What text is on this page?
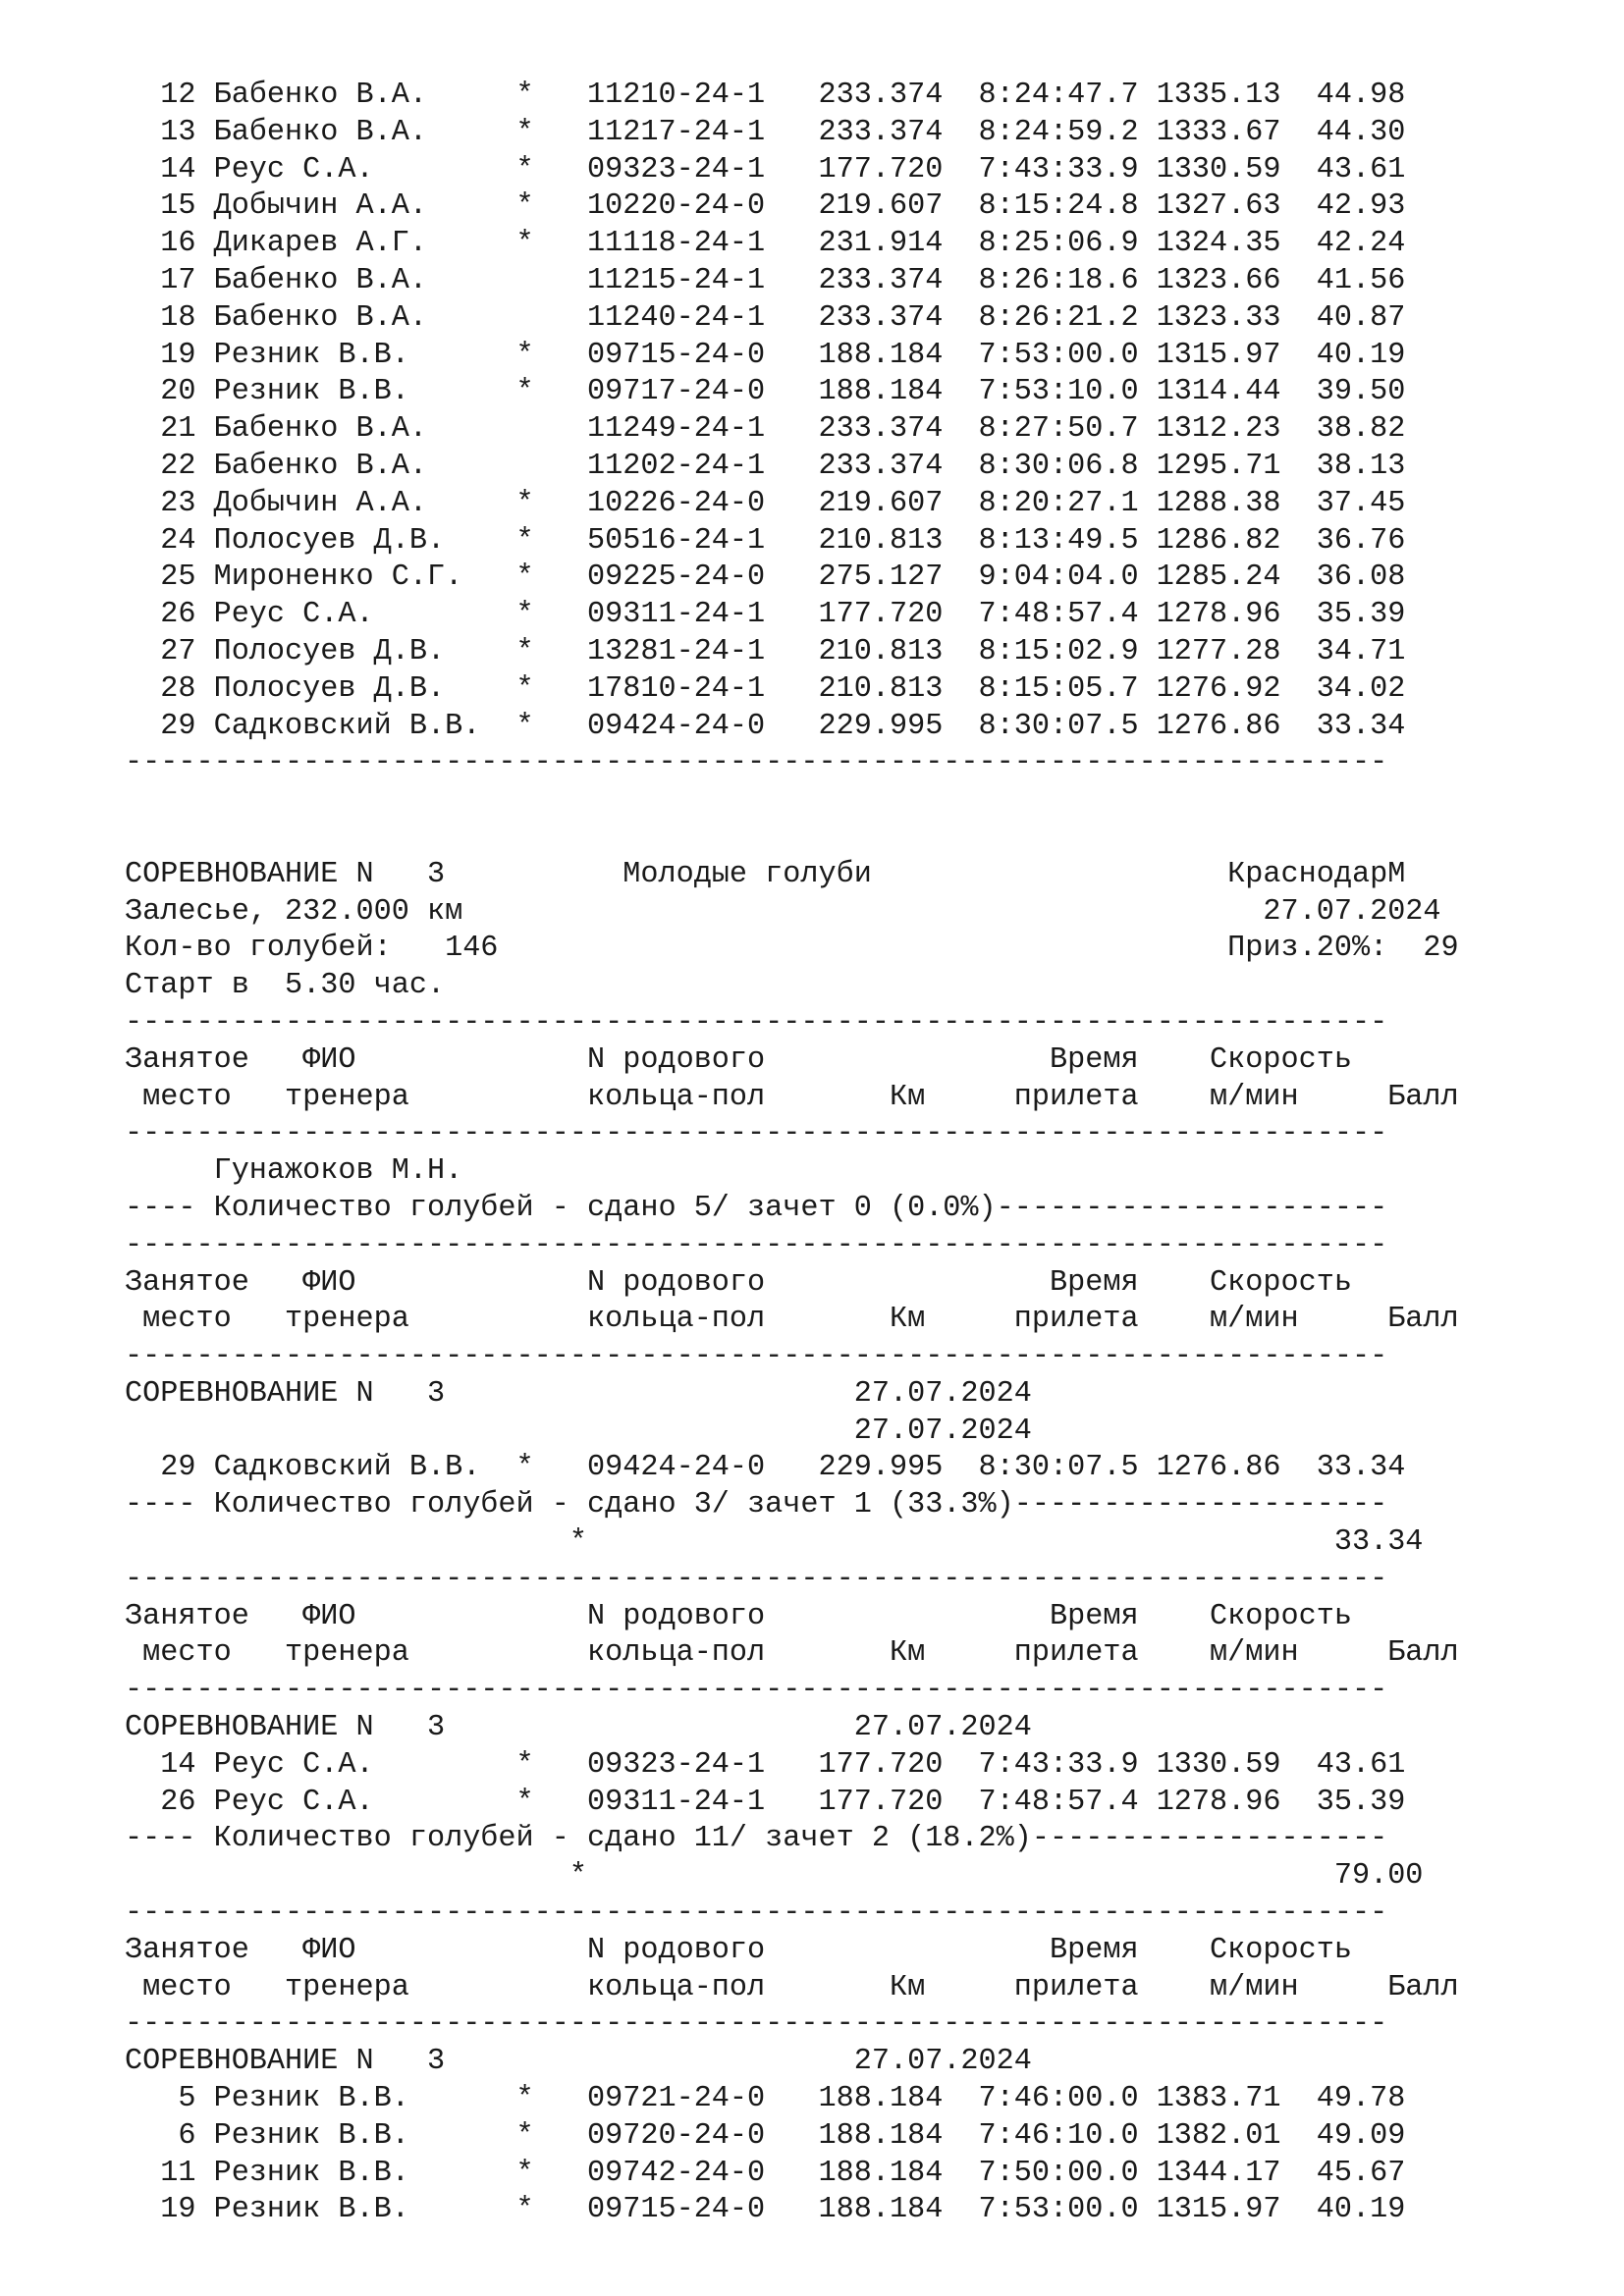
12 Бабенко В.А.     *   11210-24-1   233.374  8:24:47.7 1335.13  44.98
13 Бабенко В.А.     *   11217-24-1   233.374  8:24:59.2 1333.67  44.30
14 Реус С.А.        *   09323-24-1   177.720  7:43:33.9 1330.59  43.61
15 Добычин А.А.     *   10220-24-0   219.607  8:15:24.8 1327.63  42.93
16 Дикарев А.Г.     *   11118-24-1   231.914  8:25:06.9 1324.35  42.24
17 Бабенко В.А.         11215-24-1   233.374  8:26:18.6 1323.66  41.56
18 Бабенко В.А.         11240-24-1   233.374  8:26:21.2 1323.33  40.87
19 Резник В.В.      *   09715-24-0   188.184  7:53:00.0 1315.97  40.19
20 Резник В.В.      *   09717-24-0   188.184  7:53:10.0 1314.44  39.50
21 Бабенко В.А.         11249-24-1   233.374  8:27:50.7 1312.23  38.82
22 Бабенко В.А.         11202-24-1   233.374  8:30:06.8 1295.71  38.13
23 Добычин А.А.     *   10226-24-0   219.607  8:20:27.1 1288.38  37.45
24 Полосуев Д.В.    *   50516-24-1   210.813  8:13:49.5 1286.82  36.76
25 Мироненко С.Г.   *   09225-24-0   275.127  9:04:04.0 1285.24  36.08
26 Реус С.А.        *   09311-24-1   177.720  7:48:57.4 1278.96  35.39
27 Полосуев Д.В.    *   13281-24-1   210.813  8:15:02.9 1277.28  34.71
28 Полосуев Д.В.    *   17810-24-1   210.813  8:15:05.7 1276.92  34.02
29 Садковский В.В.  *   09424-24-0   229.995  8:30:07.5 1276.86  33.34
-----------------------------------------------------------------------
СОРЕВНОВАНИЕ N   3          Молодые голуби                    КраснодарМ
Залесье, 232.000 км                                             27.07.2024
Кол-во голубей:   146                                         Приз.20%:  29
Старт в  5.30 час.
-----------------------------------------------------------------------
Занятое   ФИО             N родового                Время    Скорость
место   тренера          кольца-пол       Км     прилета    м/мин     Балл
-----------------------------------------------------------------------
Гунажоков М.Н.
---- Количество голубей - сдано 5/ зачет 0 (0.0%)----------------------
-----------------------------------------------------------------------
Занятое   ФИО             N родового                Время    Скорость
место   тренера          кольца-пол       Км     прилета    м/мин     Балл
-----------------------------------------------------------------------
СОРЕВНОВАНИЕ N   3                       27.07.2024
27.07.2024
29 Садковский В.В.  *   09424-24-0   229.995  8:30:07.5 1276.86  33.34
---- Количество голубей - сдано 3/ зачет 1 (33.3%)---------------------
*                                          33.34
-----------------------------------------------------------------------
Занятое   ФИО             N родового                Время    Скорость
место   тренера          кольца-пол       Км     прилета    м/мин     Балл
-----------------------------------------------------------------------
СОРЕВНОВАНИЕ N   3                       27.07.2024
14 Реус С.А.        *   09323-24-1   177.720  7:43:33.9 1330.59  43.61
26 Реус С.А.        *   09311-24-1   177.720  7:48:57.4 1278.96  35.39
---- Количество голубей - сдано 11/ зачет 2 (18.2%)--------------------
*                                          79.00
-----------------------------------------------------------------------
Занятое   ФИО             N родового                Время    Скорость
место   тренера          кольца-пол       Км     прилета    м/мин     Балл
-----------------------------------------------------------------------
СОРЕВНОВАНИЕ N   3                       27.07.2024
5 Резник В.В.      *   09721-24-0   188.184  7:46:00.0 1383.71  49.78
6 Резник В.В.      *   09720-24-0   188.184  7:46:10.0 1382.01  49.09
11 Резник В.В.      *   09742-24-0   188.184  7:50:00.0 1344.17  45.67
19 Резник В.В.      *   09715-24-0   188.184  7:53:00.0 1315.97  40.19
